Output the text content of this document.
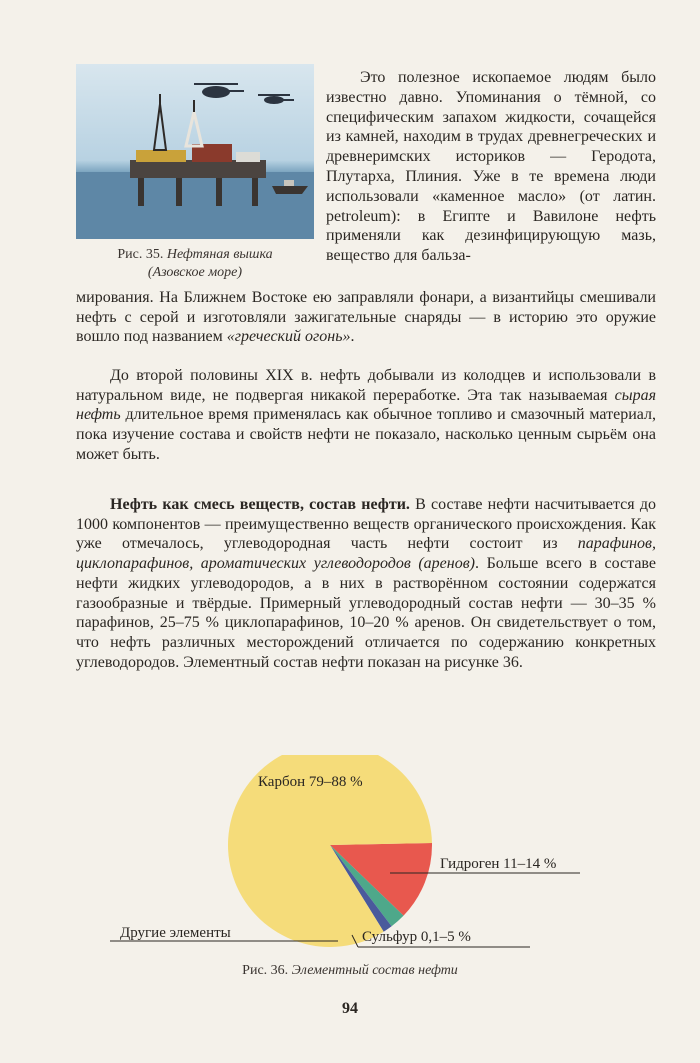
Рис. 35. Нефтяная вышка
(Азовское море)

Это полезное ископаемое людям было известно давно. Упоминания о тёмной, со специфическим запахом жидкости, сочащейся из камней, находим в трудах древнегреческих и древнеримских историков — Геродота, Плутарха, Плиния. Уже в те времена люди использовали «каменное масло» (от латин. petroleum): в Египте и Вавилоне нефть применяли как дезинфицирующую мазь, вещество для бальза-

мирования. На Ближнем Востоке ею заправляли фонари, а византийцы смешивали нефть с серой и изготовляли зажигательные снаряды — в историю это оружие вошло под названием «греческий огонь».

До второй половины XIX в. нефть добывали из колодцев и использовали в натуральном виде, не подвергая никакой переработке. Эта так называемая сырая нефть длительное время применялась как обычное топливо и смазочный материал, пока изучение состава и свойств нефти не показало, насколько ценным сырьём она может быть.

Нефть как смесь веществ, состав нефти. В составе нефти насчитывается до 1000 компонентов — преимущественно веществ органического происхождения. Как уже отмечалось, углеводородная часть нефти состоит из парафинов, циклопарафинов, ароматических углеводородов (аренов). Больше всего в составе нефти жидких углеводородов, а в них в растворённом состоянии содержатся газообразные и твёрдые. Примерный углеводородный состав нефти — 30–35 % парафинов, 25–75 % циклопарафинов, 10–20 % аренов. Он свидетельствует о том, что нефть различных месторождений отличается по содержанию конкретных углеводородов. Элементный состав нефти показан на рисунке 36.

Карбон 79–88 %
Гидроген 11–14 %
Сульфур 0,1–5 %
Другие элементы
Рис. 36. Элементный состав нефти
94
